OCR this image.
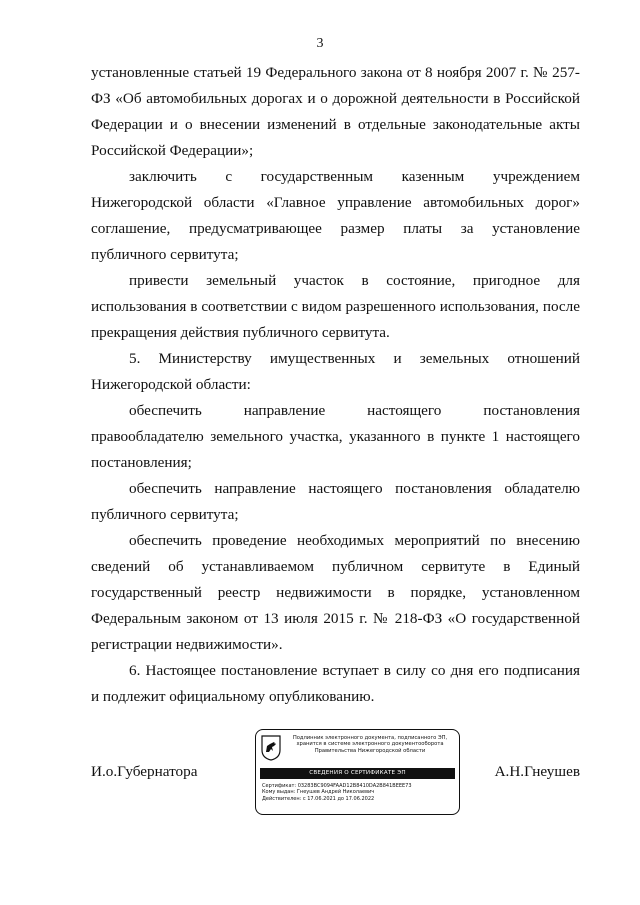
3

установленные статьей 19 Федерального закона от 8 ноября 2007 г. № 257-ФЗ «Об автомобильных дорогах и о дорожной деятельности в Российской Федерации и о внесении изменений в отдельные законодательные акты Российской Федерации»;

заключить с государственным казенным учреждением Нижегородской области «Главное управление автомобильных дорог» соглашение, предусматривающее размер платы за установление публичного сервитута;

привести земельный участок в состояние, пригодное для использования в соответствии с видом разрешенного использования, после прекращения действия публичного сервитута.

5. Министерству имущественных и земельных отношений Нижегородской области:

обеспечить направление настоящего постановления правообладателю земельного участка, указанного в пункте 1 настоящего постановления;

обеспечить направление настоящего постановления обладателю публичного сервитута;

обеспечить проведение необходимых мероприятий по внесению сведений об устанавливаемом публичном сервитуте в Единый государственный реестр недвижимости в порядке, установленном Федеральным законом от 13 июля 2015 г. № 218-ФЗ «О государственной регистрации недвижимости».

6. Настоящее постановление вступает в силу со дня его подписания и подлежит официальному опубликованию.

И.о.Губернатора	А.Н.Гнеушев
Подлинник электронного документа, подписанного ЭП,
хранится в системе электронного документооборота
Правительства Нижегородской области
СВЕДЕНИЯ О СЕРТИФИКАТЕ ЭП
Сертификат: 03283BC9094FAAD12B8410DA2B841BEEE73
Кому выдан: Гнеушев Андрей Николаевич
Действителен: с 17.06.2021 до 17.06.2022
